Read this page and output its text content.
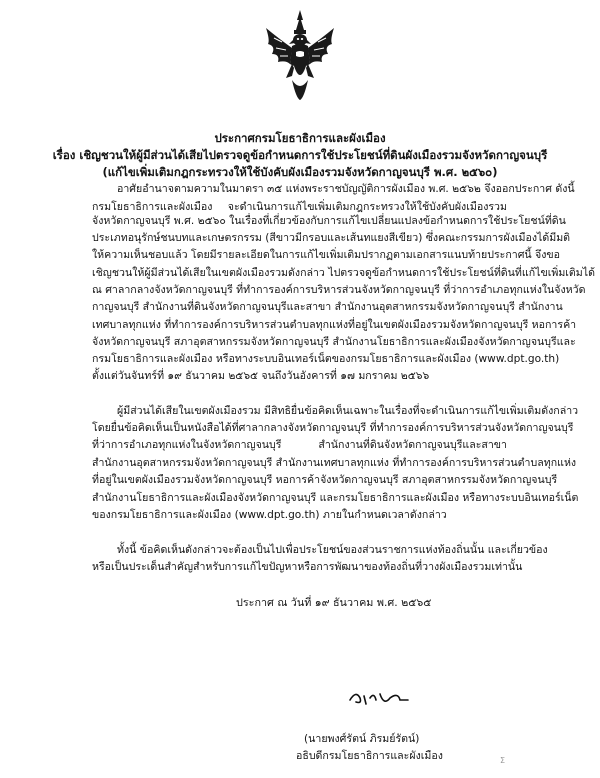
ประกาศกรมโยธาธิการและผังเมือง
เรื่อง เชิญชวนให้ผู้มีส่วนได้เสียไปตรวจดูข้อกำหนดการใช้ประโยชน์ที่ดินผังเมืองรวมจังหวัดกาญจนบุรี
(แก้ไขเพิ่มเติมกฎกระทรวงให้ใช้บังคับผังเมืองรวมจังหวัดกาญจนบุรี พ.ศ. ๒๕๖๐)
อาศัยอำนาจตามความในมาตรา ๓๕ แห่งพระราชบัญญัติการผังเมือง พ.ศ. ๒๕๖๒ จึงออกประกาศ ดังนี้
กรมโยธาธิการและผังเมือง จะดำเนินการแก้ไขเพิ่มเติมกฎกระทรวงให้ใช้บังคับผังเมืองรวม
จังหวัดกาญจนบุรี พ.ศ. ๒๕๖๐ ในเรื่องที่เกี่ยวข้องกับการแก้ไขเปลี่ยนแปลงข้อกำหนดการใช้ประโยชน์ที่ดิน
ประเภทอนุรักษ์ชนบทและเกษตรกรรม (สีขาวมีกรอบและเส้นทแยงสีเขียว) ซึ่งคณะกรรมการผังเมืองได้มีมติ
ให้ความเห็นชอบแล้ว โดยมีรายละเอียดในการแก้ไขเพิ่มเติมปรากฏตามเอกสารแนบท้ายประกาศนี้ จึงขอ
เชิญชวนให้ผู้มีส่วนได้เสียในเขตผังเมืองรวมดังกล่าว ไปตรวจดูข้อกำหนดการใช้ประโยชน์ที่ดินที่แก้ไขเพิ่มเติมได้
ณ ศาลากลางจังหวัดกาญจนบุรี ที่ทำการองค์การบริหารส่วนจังหวัดกาญจนบุรี ที่ว่าการอำเภอทุกแห่งในจังหวัด
กาญจนบุรี สำนักงานที่ดินจังหวัดกาญจนบุรีและสาขา สำนักงานอุตสาหกรรมจังหวัดกาญจนบุรี สำนักงาน
เทศบาลทุกแห่ง ที่ทำการองค์การบริหารส่วนตำบลทุกแห่งที่อยู่ในเขตผังเมืองรวมจังหวัดกาญจนบุรี หอการค้า
จังหวัดกาญจนบุรี สภาอุตสาหกรรมจังหวัดกาญจนบุรี สำนักงานโยธาธิการและผังเมืองจังหวัดกาญจนบุรีและ
กรมโยธาธิการและผังเมือง หรือทางระบบอินเทอร์เน็ตของกรมโยธาธิการและผังเมือง (www.dpt.go.th)
ตั้งแต่วันจันทร์ที่ ๑๙ ธันวาคม ๒๕๖๕ จนถึงวันอังคารที่ ๑๗ มกราคม ๒๕๖๖
ผู้มีส่วนได้เสียในเขตผังเมืองรวม มีสิทธิยื่นข้อคิดเห็นเฉพาะในเรื่องที่จะดำเนินการแก้ไขเพิ่มเติมดังกล่าว
โดยยื่นข้อคิดเห็นเป็นหนังสือได้ที่ศาลากลางจังหวัดกาญจนบุรี ที่ทำการองค์การบริหารส่วนจังหวัดกาญจนบุรี
ที่ว่าการอำเภอทุกแห่งในจังหวัดกาญจนบุรี สำนักงานที่ดินจังหวัดกาญจนบุรีและสาขา
สำนักงานอุตสาหกรรมจังหวัดกาญจนบุรี สำนักงานเทศบาลทุกแห่ง ที่ทำการองค์การบริหารส่วนตำบลทุกแห่ง
ที่อยู่ในเขตผังเมืองรวมจังหวัดกาญจนบุรี หอการค้าจังหวัดกาญจนบุรี สภาอุตสาหกรรมจังหวัดกาญจนบุรี
สำนักงานโยธาธิการและผังเมืองจังหวัดกาญจนบุรี และกรมโยธาธิการและผังเมือง หรือทางระบบอินเทอร์เน็ต
ของกรมโยธาธิการและผังเมือง (www.dpt.go.th) ภายในกำหนดเวลาดังกล่าว
ทั้งนี้ ข้อคิดเห็นดังกล่าวจะต้องเป็นไปเพื่อประโยชน์ของส่วนราชการแห่งท้องถิ่นนั้น และเกี่ยวข้อง
หรือเป็นประเด็นสำคัญสำหรับการแก้ไขปัญหาหรือการพัฒนาของท้องถิ่นที่วางผังเมืองรวมเท่านั้น
ประกาศ ณ วันที่ ๑๙ ธันวาคม พ.ศ. ๒๕๖๕
(นายพงศ์รัตน์ ภิรมย์รัตน์)
อธิบดีกรมโยธาธิการและผังเมือง	Ʃ
